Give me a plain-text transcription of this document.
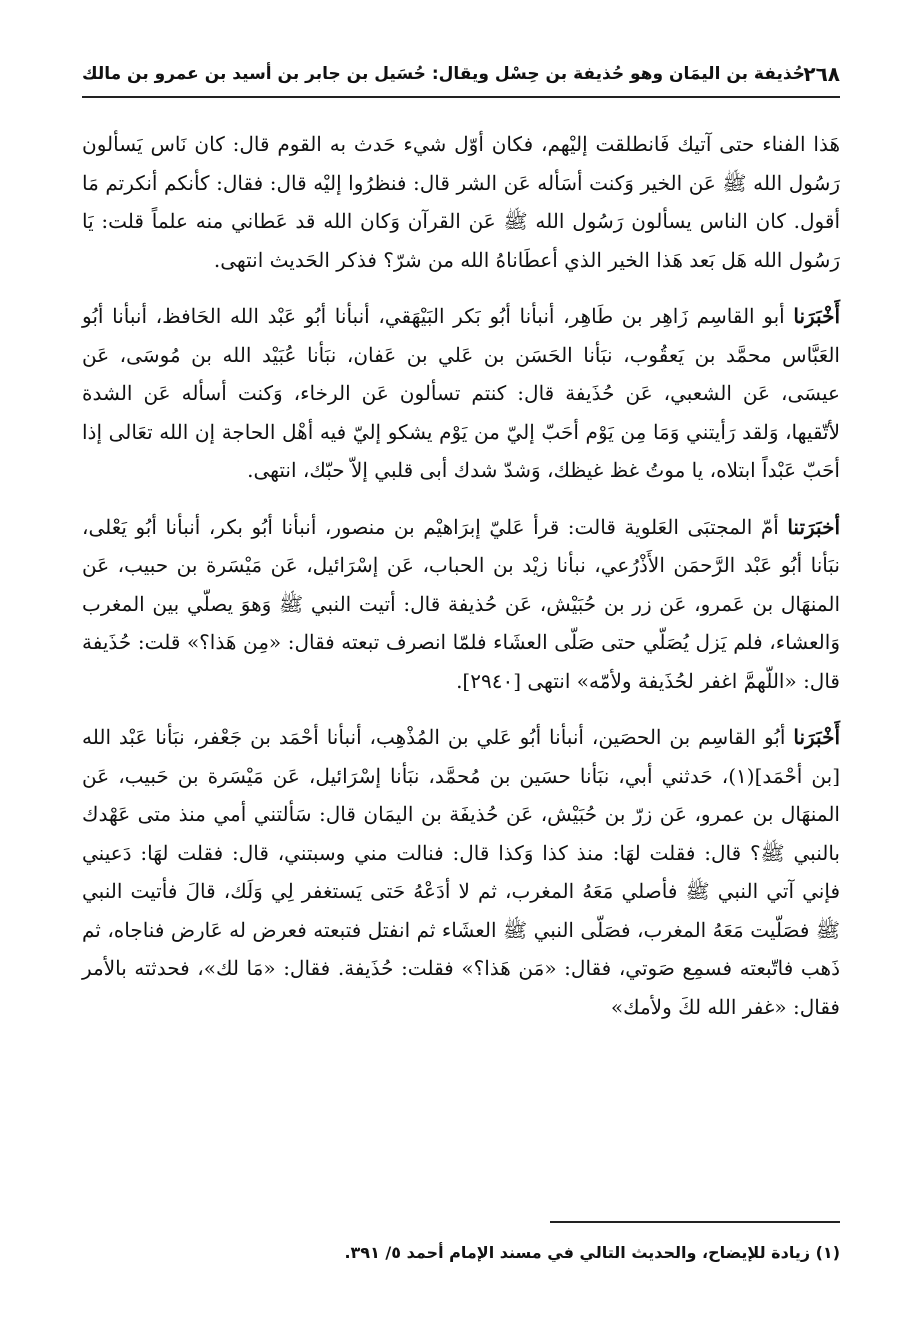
حُذيفة بن اليمَان وهو حُذيفة بن حِسْل ويقال: حُسَيل بن جابر بن أسيد بن عمرو بن مالك
٢٦٨

هَذا الفناء حتى آتيك فَانطلقت إليْهم، فكان أوّل شيء حَدث به القوم قال: كان نَاس يَسألون رَسُول الله ﷺ عَن الخير وَكنت أسَأله عَن الشر قال: فنظرُوا إليْه قال: فقال: كأنكم أنكرتم مَا أقول. كان الناس يسألون رَسُول الله ﷺ عَن القرآن وَكان الله قد عَطاني منه علماً قلت: يَا رَسُول الله هَل بَعد هَذا الخير الذي أعطَاناهُ الله من شرّ؟ فذكر الحَديث انتهى.

أَخْبَرَنا أبو القاسِم زَاهِر بن طَاهِر، أنبأنا أبُو بَكر البَيْهَقي، أنبأنا أبُو عَبْد الله الحَافظ، أنبأنا أبُو العَبَّاس محمَّد بن يَعقُوب، نبَأنا الحَسَن بن عَلي بن عَفان، نبَأنا عُبَيْد الله بن مُوسَى، عَن عيسَى، عَن الشعبي، عَن حُذَيفة قال: كنتم تسألون عَن الرخاء، وَكنت أسأله عَن الشدة لأتّقيها، وَلقد رَأيتني وَمَا مِن يَوْم أحَبّ إليّ من يَوْم يشكو إليّ فيه أهْل الحاجة إن الله تعَالى إذا أحَبّ عَبْداً ابتلاه، يا موتُ غظ غيظك، وَشدّ شدك أبى قلبي إلاّ حبّك، انتهى.

أخبَرَتنا أمّ المجتبَى العَلوية قالت: قرأ عَليّ إبرَاهيْم بن منصور، أنبأنا أبُو بكر، أنبأنا أبُو يَعْلى، نبَأنا أبُو عَبْد الرَّحمَن الأَذْرُعي، نبأنا زيْد بن الحباب، عَن إسْرَائيل، عَن مَيْسَرة بن حبيب، عَن المنهَال بن عَمرو، عَن زر بن حُبَيْش، عَن حُذيفة قال: أتيت النبي ﷺ وَهوَ يصلّي بين المغرب وَالعشاء، فلم يَزل يُصَلّي حتى صَلّى العشَاء فلمّا انصرف تبعته فقال: «مِن هَذا؟» قلت: حُذَيفة قال: «اللّهمَّ اغفر لحُذَيفة ولأمّه» انتهى [٢٩٤٠].

أَخْبَرَنا أبُو القاسِم بن الحصَين، أنبأنا أبُو عَلي بن المُذْهِب، أنبأنا أحْمَد بن جَعْفر، نبَأنا عَبْد الله [بن أحْمَد](١)، حَدثني أبي، نبَأنا حسَين بن مُحمَّد، نبَأنا إسْرَائيل، عَن مَيْسَرة بن حَبيب، عَن المنهَال بن عمرو، عَن زرّ بن حُبَيْش، عَن حُذيفَة بن اليمَان قال: سَألتني أمي منذ متى عَهْدك بالنبي ﷺ؟ قال: فقلت لهَا: منذ كذا وَكذا قال: فنالت مني وسبتني، قال: فقلت لهَا: دَعيني فإني آتي النبي ﷺ فأصلي مَعَهُ المغرب، ثم لا أدَعْهُ حَتى يَستغفر لِي وَلَك، قالَ فأتيت النبي ﷺ فصَلّيت مَعَهُ المغرب، فصَلّى النبي ﷺ العشَاء ثم انفتل فتبعته فعرض له عَارض فناجاه، ثم ذَهب فاتّبعته فسمِع صَوتي، فقال: «مَن هَذا؟» فقلت: حُذَيفة. فقال: «مَا لك»، فحدثته بالأمر فقال: «غفر الله لكَ ولأمك»

(١) زيادة للإيضاح، والحديث التالي في مسند الإمام أحمد ٥/ ٣٩١.
